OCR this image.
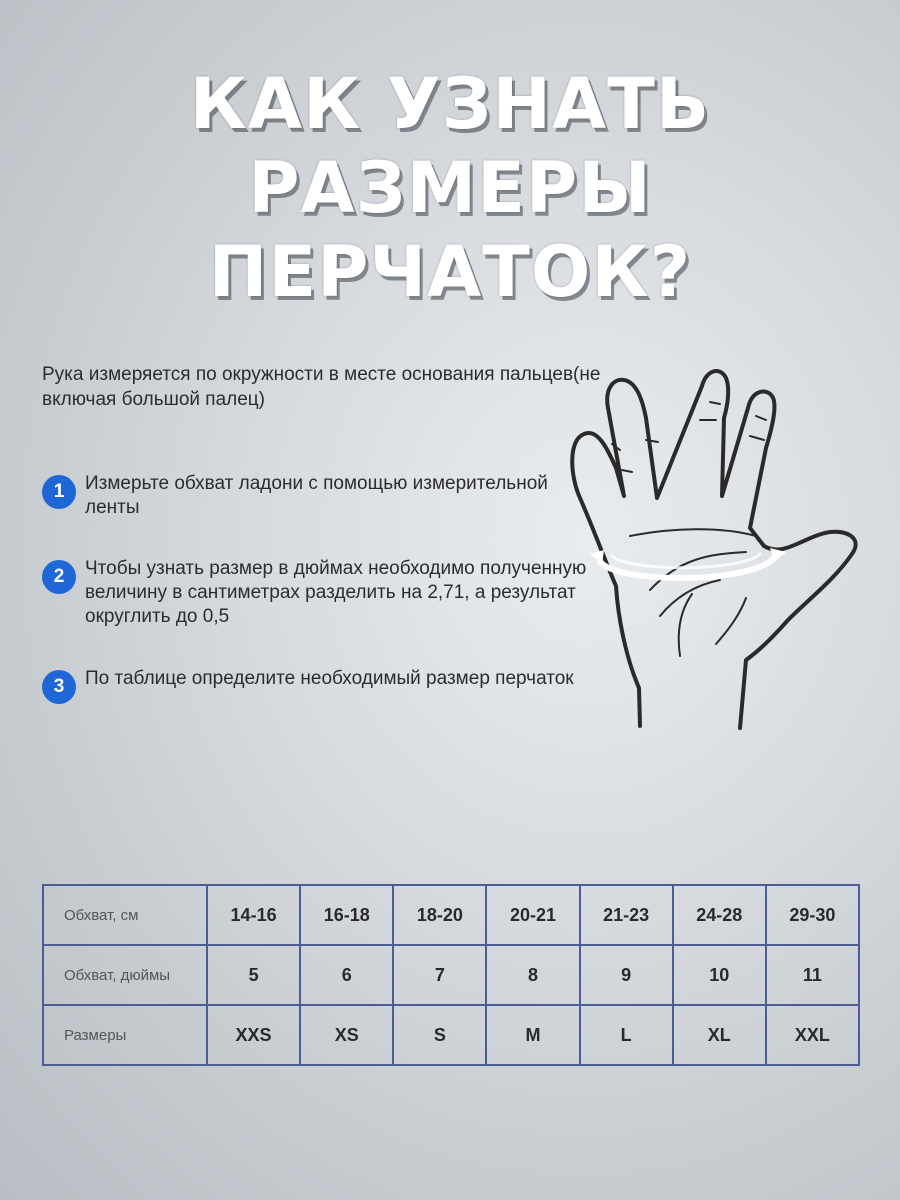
КАК УЗНАТЬ
РАЗМЕРЫ ПЕРЧАТОК?

Рука измеряется по окружности в месте основания пальцев(не включая большой палец)

1	Измерьте обхват ладони с помощью измерительной ленты
2	Чтобы узнать размер в дюймах необходимо полученную величину в сантиметрах разделить на 2,71, а результат округлить до 0,5
3	По таблице определите необходимый размер перчаток
Обхват, см	14-16	16-18	18-20	20-21	21-23	24-28	29-30
Обхват, дюймы	5	6	7	8	9	10	11
Размеры	XXS	XS	S	M	L	XL	XXL
